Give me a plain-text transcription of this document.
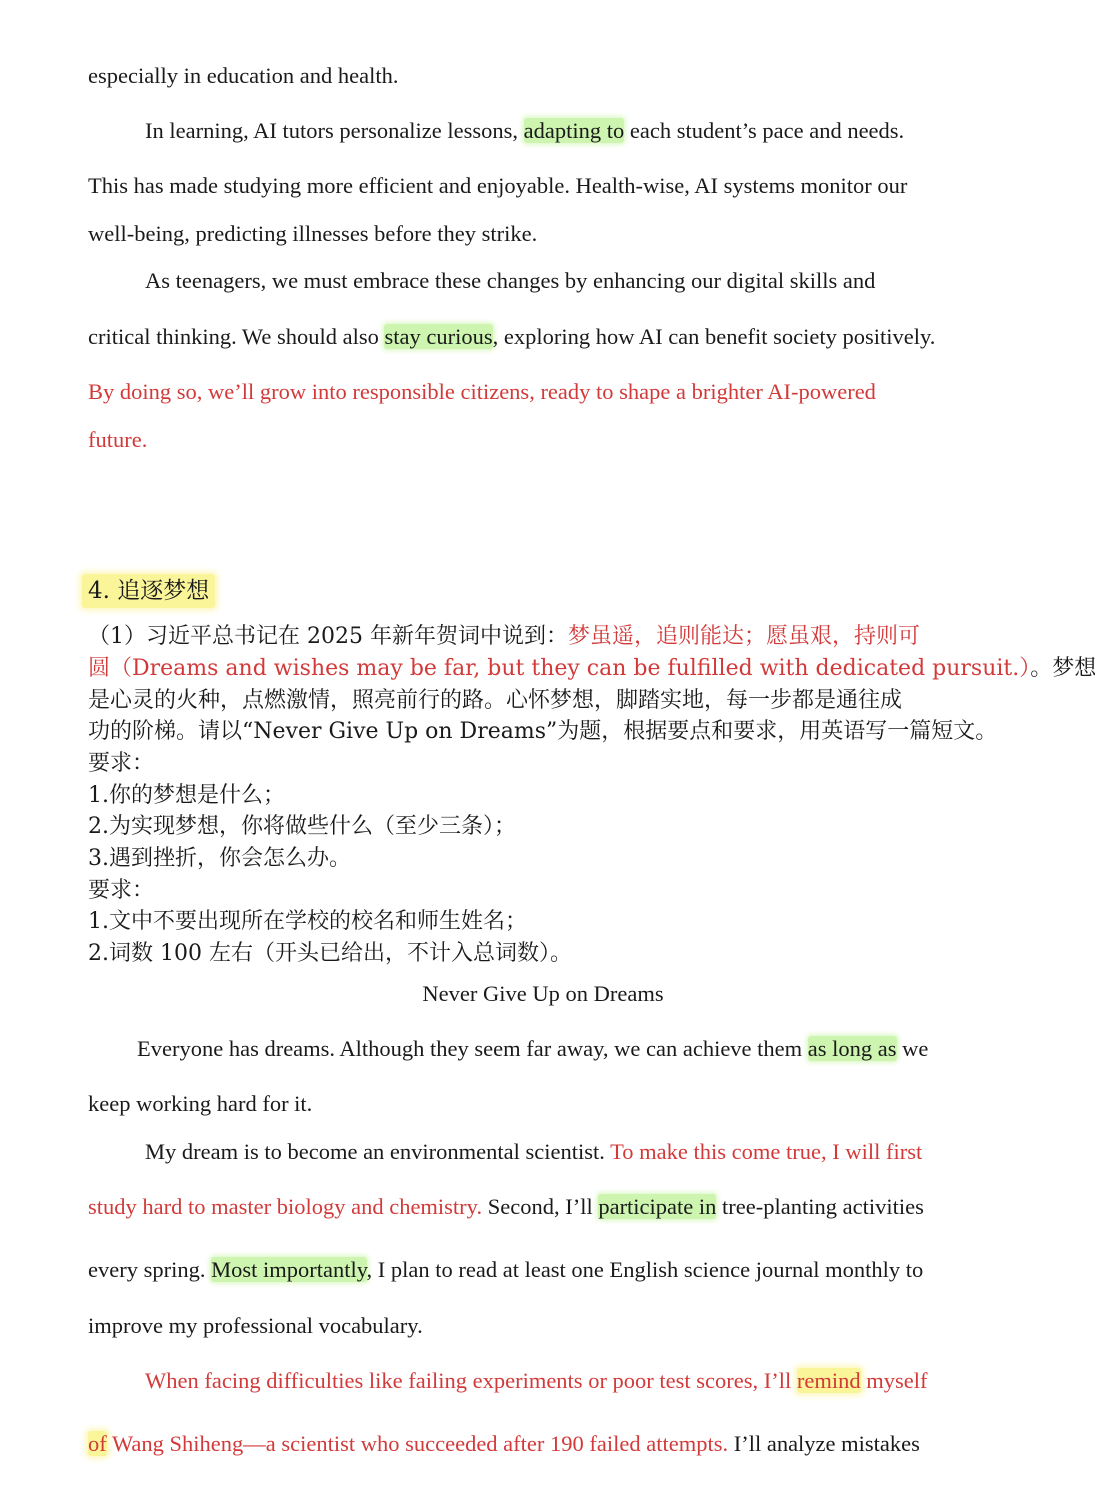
especially in education and health.
In learning, AI tutors personalize lessons, adapting to each student’s pace and needs.
This has made studying more efficient and enjoyable. Health-wise, AI systems monitor our
well-being, predicting illnesses before they strike.
As teenagers, we must embrace these changes by enhancing our digital skills and
critical thinking. We should also stay curious, exploring how AI can benefit society positively.
By doing so, we’ll grow into responsible citizens, ready to shape a brighter AI-powered
future.
4. 追逐梦想
（1）习近平总书记在 2025 年新年贺词中说到：梦虽遥，追则能达；愿虽艰，持则可
圆（Dreams and wishes may be far, but they can be fulfilled with dedicated pursuit.）。梦想
是心灵的火种，点燃激情，照亮前行的路。心怀梦想，脚踏实地，每一步都是通往成
功的阶梯。请以“Never Give Up on Dreams”为题，根据要点和要求，用英语写一篇短文。
要求：
1.你的梦想是什么；
2.为实现梦想，你将做些什么（至少三条）；
3.遇到挫折，你会怎么办。
要求：
1.文中不要出现所在学校的校名和师生姓名；
2.词数 100 左右（开头已给出，不计入总词数）。
Never Give Up on Dreams
Everyone has dreams. Although they seem far away, we can achieve them as long as we
keep working hard for it.
My dream is to become an environmental scientist. To make this come true, I will first
study hard to master biology and chemistry. Second, I’ll participate in tree-planting activities
every spring. Most importantly, I plan to read at least one English science journal monthly to
improve my professional vocabulary.
When facing difficulties like failing experiments or poor test scores, I’ll remind myself
of Wang Shiheng—a scientist who succeeded after 190 failed attempts. I’ll analyze mistakes
